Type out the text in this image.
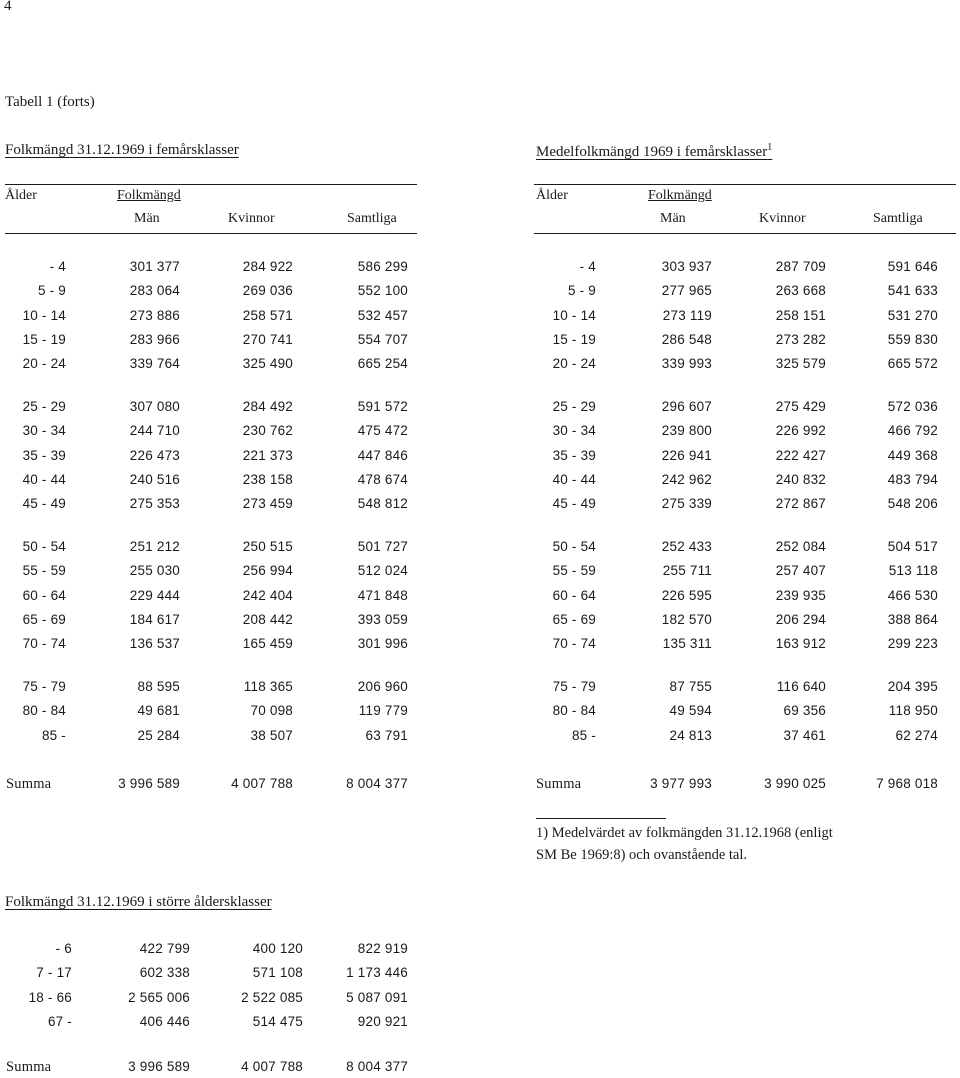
4
Tabell 1 (forts)
Folkmängd 31.12.1969 i femårsklasser
Ålder	Folkmängd
Män	Kvinnor	Samtliga
- 4	301 377	284 922	586 299
5 - 9	283 064	269 036	552 100
10 - 14	273 886	258 571	532 457
15 - 19	283 966	270 741	554 707
20 - 24	339 764	325 490	665 254
25 - 29	307 080	284 492	591 572
30 - 34	244 710	230 762	475 472
35 - 39	226 473	221 373	447 846
40 - 44	240 516	238 158	478 674
45 - 49	275 353	273 459	548 812
50 - 54	251 212	250 515	501 727
55 - 59	255 030	256 994	512 024
60 - 64	229 444	242 404	471 848
65 - 69	184 617	208 442	393 059
70 - 74	136 537	165 459	301 996
75 - 79	88 595	118 365	206 960
80 - 84	49 681	70 098	119 779
85 -	25 284	38 507	63 791
Summa	3 996 589	4 007 788	8 004 377
Medelfolkmängd 1969 i femårsklasser$^1$
Ålder	Folkmängd
Män	Kvinnor	Samtliga
- 4	303 937	287 709	591 646
5 - 9	277 965	263 668	541 633
10 - 14	273 119	258 151	531 270
15 - 19	286 548	273 282	559 830
20 - 24	339 993	325 579	665 572
25 - 29	296 607	275 429	572 036
30 - 34	239 800	226 992	466 792
35 - 39	226 941	222 427	449 368
40 - 44	242 962	240 832	483 794
45 - 49	275 339	272 867	548 206
50 - 54	252 433	252 084	504 517
55 - 59	255 711	257 407	513 118
60 - 64	226 595	239 935	466 530
65 - 69	182 570	206 294	388 864
70 - 74	135 311	163 912	299 223
75 - 79	87 755	116 640	204 395
80 - 84	49 594	69 356	118 950
85 -	24 813	37 461	62 274
Summa	3 977 993	3 990 025	7 968 018
1) Medelvärdet av folkmängden 31.12.1968 (enligt
SM Be 1969:8) och ovanstående tal.
Folkmängd 31.12.1969 i större åldersklasser
- 6	422 799	400 120	822 919
7 - 17	602 338	571 108	1 173 446
18 - 66	2 565 006	2 522 085	5 087 091
67 -	406 446	514 475	920 921
Summa	3 996 589	4 007 788	8 004 377
